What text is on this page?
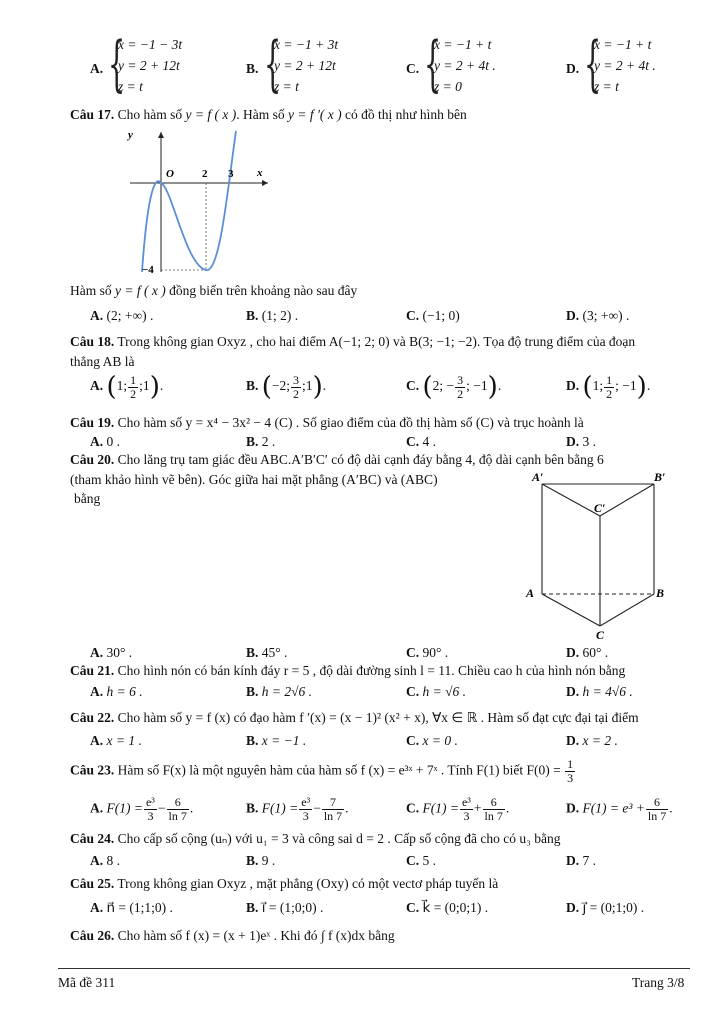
A. {
x = −1 − 3t
y = 2 + 12t
z = t
B. {
x = −1 + 3t
y = 2 + 12t
z = t
C. {
x = −1 + t
y = 2 + 4t .
z = 0
D. {
x = −1 + t
y = 2 + 4t .
z = t
Câu 17. Cho hàm số y = f ( x ). Hàm số y = f ′( x ) có đồ thị như hình bên
y
x
O	2 3
−4
Hàm số y = f ( x ) đồng biến trên khoảng nào sau đây
A. (2; +∞) .	B. (1; 2) .	C. (−1; 0)	D. (3; +∞) .
Câu 18. Trong không gian Oxyz , cho hai điểm A(−1; 2; 0) và B(3; −1; −2). Tọa độ trung điểm của đoạn
thẳng AB là
A. (1; $\frac{1}{2}$ ;1).	B. (−2; $\frac{3}{2}$ ;1).	C. (2; − $\frac{3}{2}$ ; −1).	D. (1; $\frac{1}{2}$ ; −1).
Câu 19. Cho hàm số y = x⁴ − 3x² − 4 (C) . Số giao điểm của đồ thị hàm số (C) và trục hoành là
A. 0 .	B. 2 .	C. 4 .	D. 3 .
Câu 20. Cho lăng trụ tam giác đều ABC.A′B′C′ có độ dài cạnh đáy bằng 4, độ dài cạnh bên bằng 6
(tham khảo hình vẽ bên). Góc giữa hai mặt phẳng (A′BC) và (ABC)
bằng
A′	B′
C′
A	B
C
A. 30° .	B. 45° .	C. 90° .	D. 60° .
Câu 21. Cho hình nón có bán kính đáy r = 5 , độ dài đường sinh l = 11. Chiều cao h của hình nón bằng
A. h = 6 .	B. h = 2√6 .	C. h = √6 .	D. h = 4√6 .
Câu 22. Cho hàm số y = f (x) có đạo hàm f ′(x) = (x − 1)² (x² + x), ∀x ∈ ℝ . Hàm số đạt cực đại tại điểm
A. x = 1 .	B. x = −1 .	C. x = 0 .	D. x = 2 .
Câu 23. Hàm số F(x) là một nguyên hàm của hàm số f (x) = e³ˣ + 7ˣ . Tính F(1) biết $F(0) = \frac{1}{3}$
A. $F(1) = \frac{\text{e³}}{3} - \frac{6}{\ln 7}$ .	B. $F(1) = \frac{\text{e³}}{3} - \frac{7}{\ln 7}$ .	C. $F(1) = \frac{\text{e³}}{3} + \frac{6}{\ln 7}$ .	D. $F(1) = e^3 + \frac{6}{\ln 7}$ .
Câu 24. Cho cấp số cộng (uₙ) với u₁ = 3 và công sai d = 2 . Cấp số cộng đã cho có u₃ bằng
A. 8 .	B. 9 .	C. 5 .	D. 7 .
Câu 25. Trong không gian Oxyz , mặt phẳng (Oxy) có một vectơ pháp tuyến là
A. n⃗ = (1;1;0) .	B. i⃗ = (1;0;0) .	C. k⃗ = (0;0;1) .	D. j⃗ = (0;1;0) .
Câu 26. Cho hàm số f (x) = (x + 1)eˣ . Khi đó ∫ f (x)dx bằng
Mã đề 311	Trang 3/8
